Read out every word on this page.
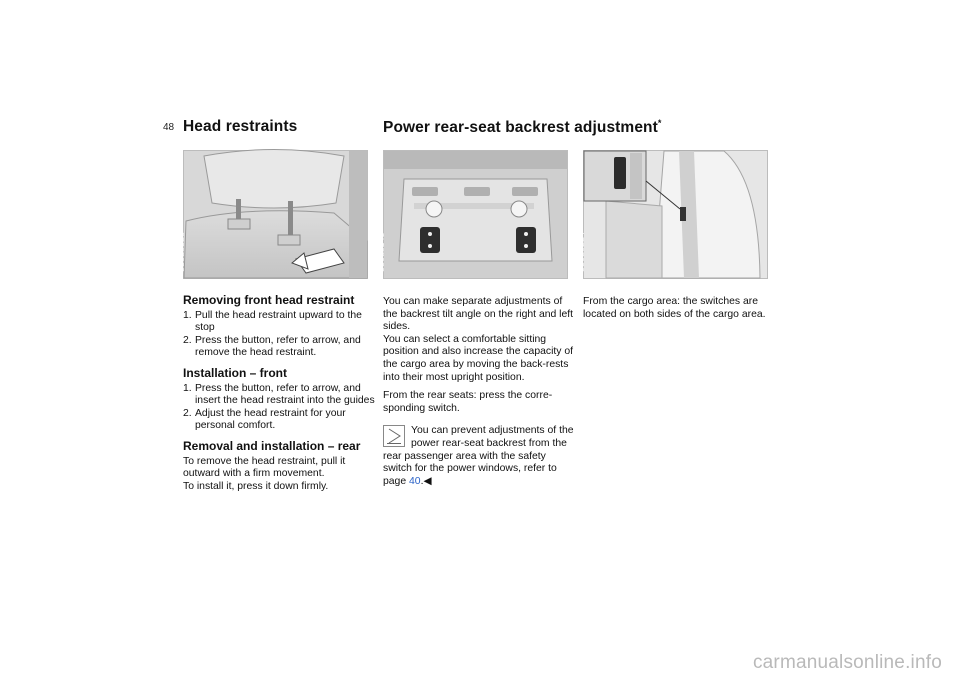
48 Head restraints	Power rear-seat backrest adjustment*
530de328	530us143	530de224
Removing front head restraint
1. Pull the head restraint upward to the stop
2. Press the button, refer to arrow, and remove the head restraint.
Installation – front
1. Press the button, refer to arrow, and insert the head restraint into the guides
2. Adjust the head restraint for your personal comfort.
Removal and installation – rear

To remove the head restraint, pull it outward with a firm movement.

To install it, press it down firmly.

You can make separate adjustments of the backrest tilt angle on the right and left sides.

You can select a comfortable sitting position and also increase the capacity of the cargo area by moving the back-rests into their most upright position.

From the rear seats: press the corre-sponding switch.

You can prevent adjustments of the power rear-seat backrest from the rear passenger area with the safety switch for the power windows, refer to page 40.◀

From the cargo area: the switches are located on both sides of the cargo area.

carmanualsonline.info
